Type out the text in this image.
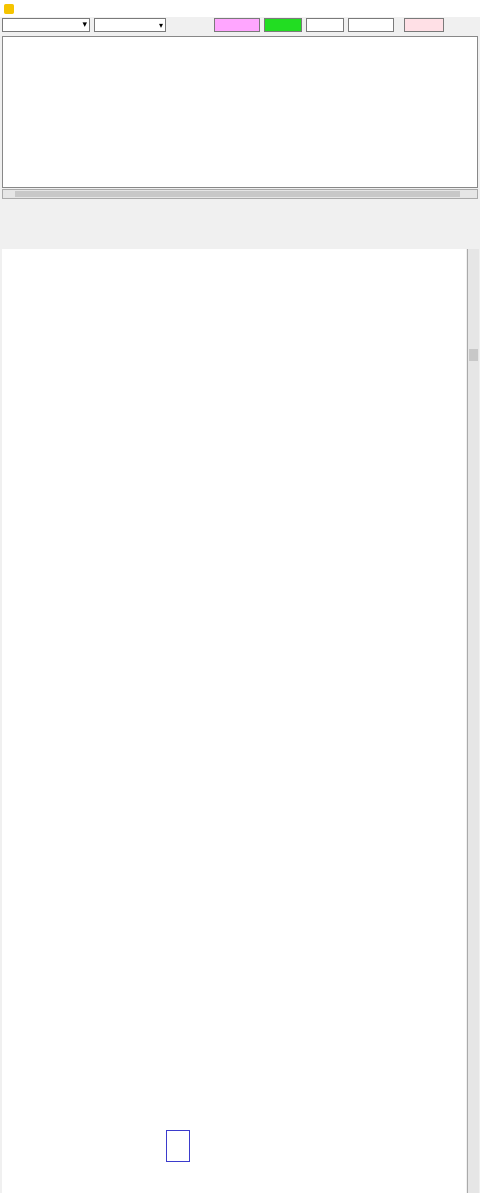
▾	▾
